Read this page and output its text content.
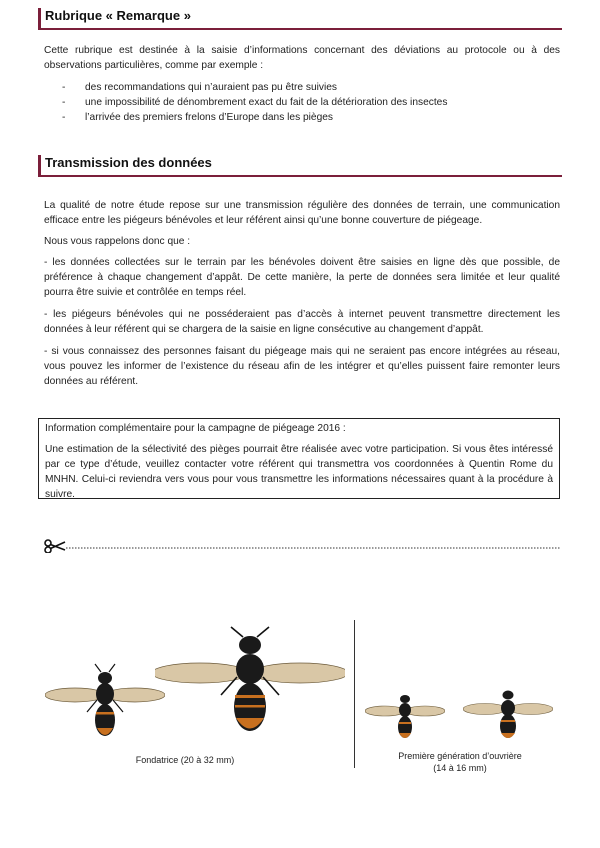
Rubrique « Remarque »
Cette rubrique est destinée à la saisie d’informations concernant des déviations au protocole ou à des observations particulières, comme par exemple :
- des recommandations qui n’auraient pas pu être suivies
- une impossibilité de dénombrement exact du fait de la détérioration des insectes
- l’arrivée des premiers frelons d’Europe dans les pièges
Transmission des données
La qualité de notre étude repose sur une transmission régulière des données de terrain, une communication efficace entre les piégeurs bénévoles et leur référent ainsi qu’une bonne couverture de piégeage.
Nous vous rappelons donc que :
- les données collectées sur le terrain par les bénévoles doivent être saisies en ligne dès que possible, de préférence à chaque changement d’appât. De cette manière, la perte de données sera limitée et leur qualité pourra être suivie et contrôlée en temps réel.
- les piégeurs bénévoles qui ne posséderaient pas d’accès à internet peuvent transmettre directement les données à leur référent qui se chargera de la saisie en ligne consécutive au changement d’appât.
- si vous connaissez des personnes faisant du piégeage mais qui ne seraient pas encore intégrées au réseau, vous pouvez les informer de l’existence du réseau afin de les intégrer et qu’elles puissent faire remonter leurs données au référent.
Information complémentaire pour la campagne de piégeage 2016 :
Une estimation de la sélectivité des pièges pourrait être réalisée avec votre participation. Si vous êtes intéressé par ce type d’étude, veuillez contacter votre référent qui transmettra vos coordonnées à Quentin Rome du MNHN. Celui-ci reviendra vers vous pour vous transmettre les informations nécessaires quant à la procédure à suivre.
Fondatrice (20 à 32 mm)	Première génération d’ouvrière
(14 à 16 mm)
